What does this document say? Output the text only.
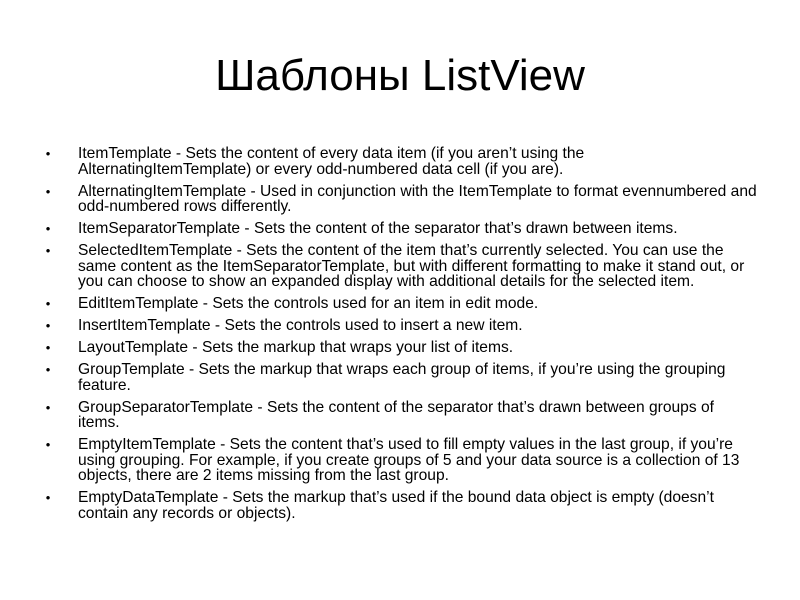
Шаблоны ListView
• ItemTemplate - Sets the content of every data item (if you aren’t using the AlternatingItemTemplate) or every odd-numbered data cell (if you are).
• AlternatingItemTemplate - Used in conjunction with the ItemTemplate to format evennumbered and odd-numbered rows differently.
• ItemSeparatorTemplate - Sets the content of the separator that’s drawn between items.
• SelectedItemTemplate - Sets the content of the item that’s currently selected. You can use the same content as the ItemSeparatorTemplate, but with different formatting to make it stand out, or you can choose to show an expanded display with additional details for the selected item.
• EditItemTemplate - Sets the controls used for an item in edit mode.
• InsertItemTemplate - Sets the controls used to insert a new item.
• LayoutTemplate - Sets the markup that wraps your list of items.
• GroupTemplate - Sets the markup that wraps each group of items, if you’re using the grouping feature.
• GroupSeparatorTemplate - Sets the content of the separator that’s drawn between groups of items.
• EmptyItemTemplate - Sets the content that’s used to fill empty values in the last group, if you’re using grouping. For example, if you create groups of 5 and your data source is a collection of 13 objects, there are 2 items missing from the last group.
• EmptyDataTemplate - Sets the markup that’s used if the bound data object is empty (doesn’t contain any records or objects).
